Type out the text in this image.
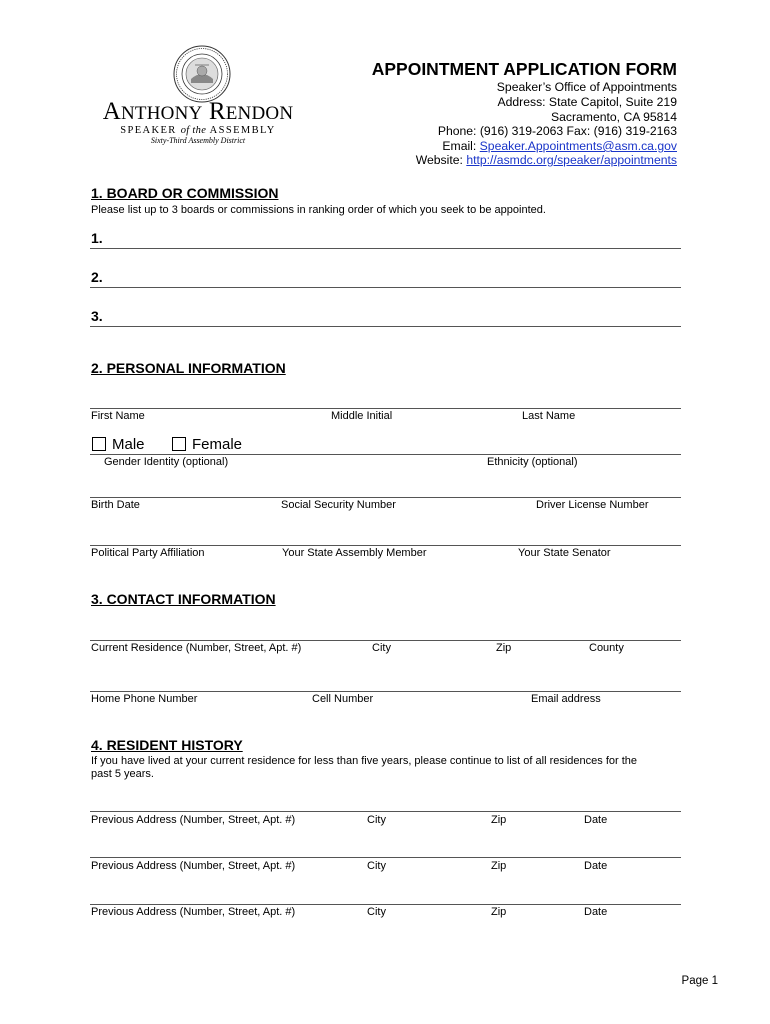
ANTHONY RENDON
SPEAKER of the ASSEMBLY
Sixty-Third Assembly District
APPOINTMENT APPLICATION FORM
Speaker’s Office of Appointments
Address: State Capitol, Suite 219
Sacramento, CA 95814
Phone: (916) 319-2063 Fax: (916) 319-2163
Email: Speaker.Appointments@asm.ca.gov
Website: http://asmdc.org/speaker/appointments
1. BOARD OR COMMISSION
Please list up to 3 boards or commissions in ranking order of which you seek to be appointed.
1.
2.
3.
2. PERSONAL INFORMATION
First Name	Middle Initial	Last Name
Male	Female
Gender Identity (optional)	Ethnicity (optional)
Birth Date	Social Security Number	Driver License Number
Political Party Affiliation	Your State Assembly Member	Your State Senator
3. CONTACT INFORMATION
Current Residence (Number, Street, Apt. #)	City	Zip	County
Home Phone Number	Cell Number	Email address
4. RESIDENT HISTORY
If you have lived at your current residence for less than five years, please continue to list of all residences for the
past 5 years.
Previous Address (Number, Street, Apt. #)	City	Zip	Date
Previous Address (Number, Street, Apt. #)	City	Zip	Date
Previous Address (Number, Street, Apt. #)	City	Zip	Date
Page 1
